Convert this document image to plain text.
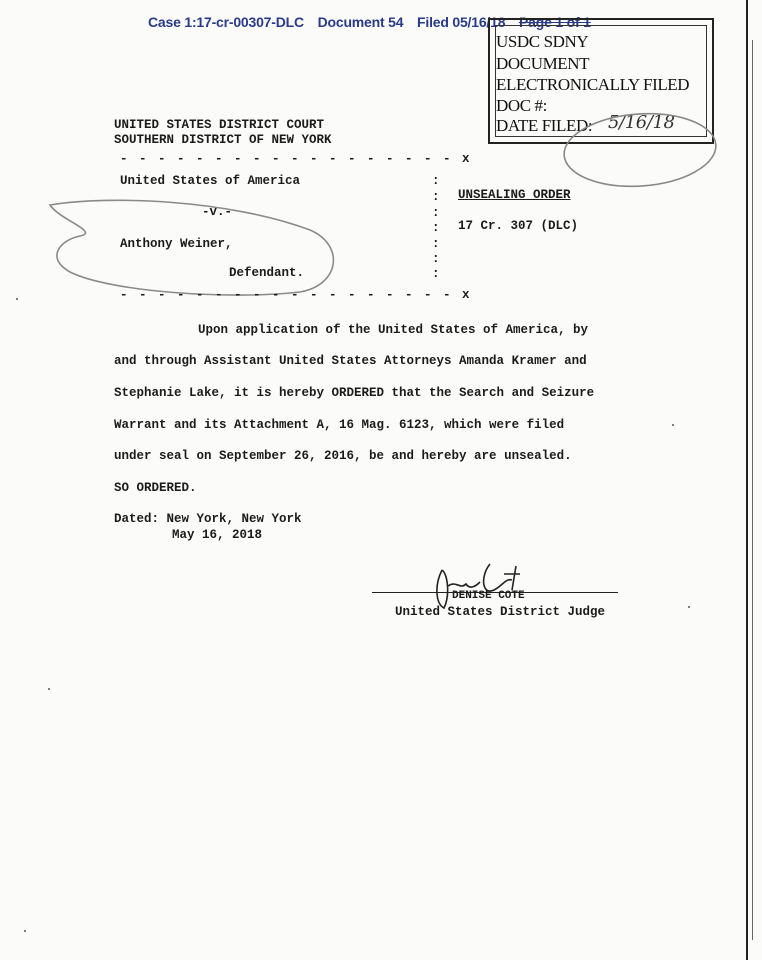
Case 1:17-cr-00307-DLC Document 54 Filed 05/16/18 Page 1 of 1
USDC SDNY
DOCUMENT
ELECTRONICALLY FILED
DOC #:
DATE FILED: 5/16/18
UNITED STATES DISTRICT COURT
SOUTHERN DISTRICT OF NEW YORK
- - - - - - - - - - - - - - - - - - x
United States of America
-v.-
Anthony Weiner,
Defendant.
- - - - - - - - - - - - - - - - - - x
:
:
:
:
:
:
:
UNSEALING ORDER
17 Cr. 307 (DLC)
Upon application of the United States of America, by
and through Assistant United States Attorneys Amanda Kramer and
Stephanie Lake, it is hereby ORDERED that the Search and Seizure
Warrant and its Attachment A, 16 Mag. 6123, which were filed
under seal on September 26, 2016, be and hereby are unsealed.
SO ORDERED.
Dated: New York, New York
May 16, 2018
DENISE COTE
United States District Judge
